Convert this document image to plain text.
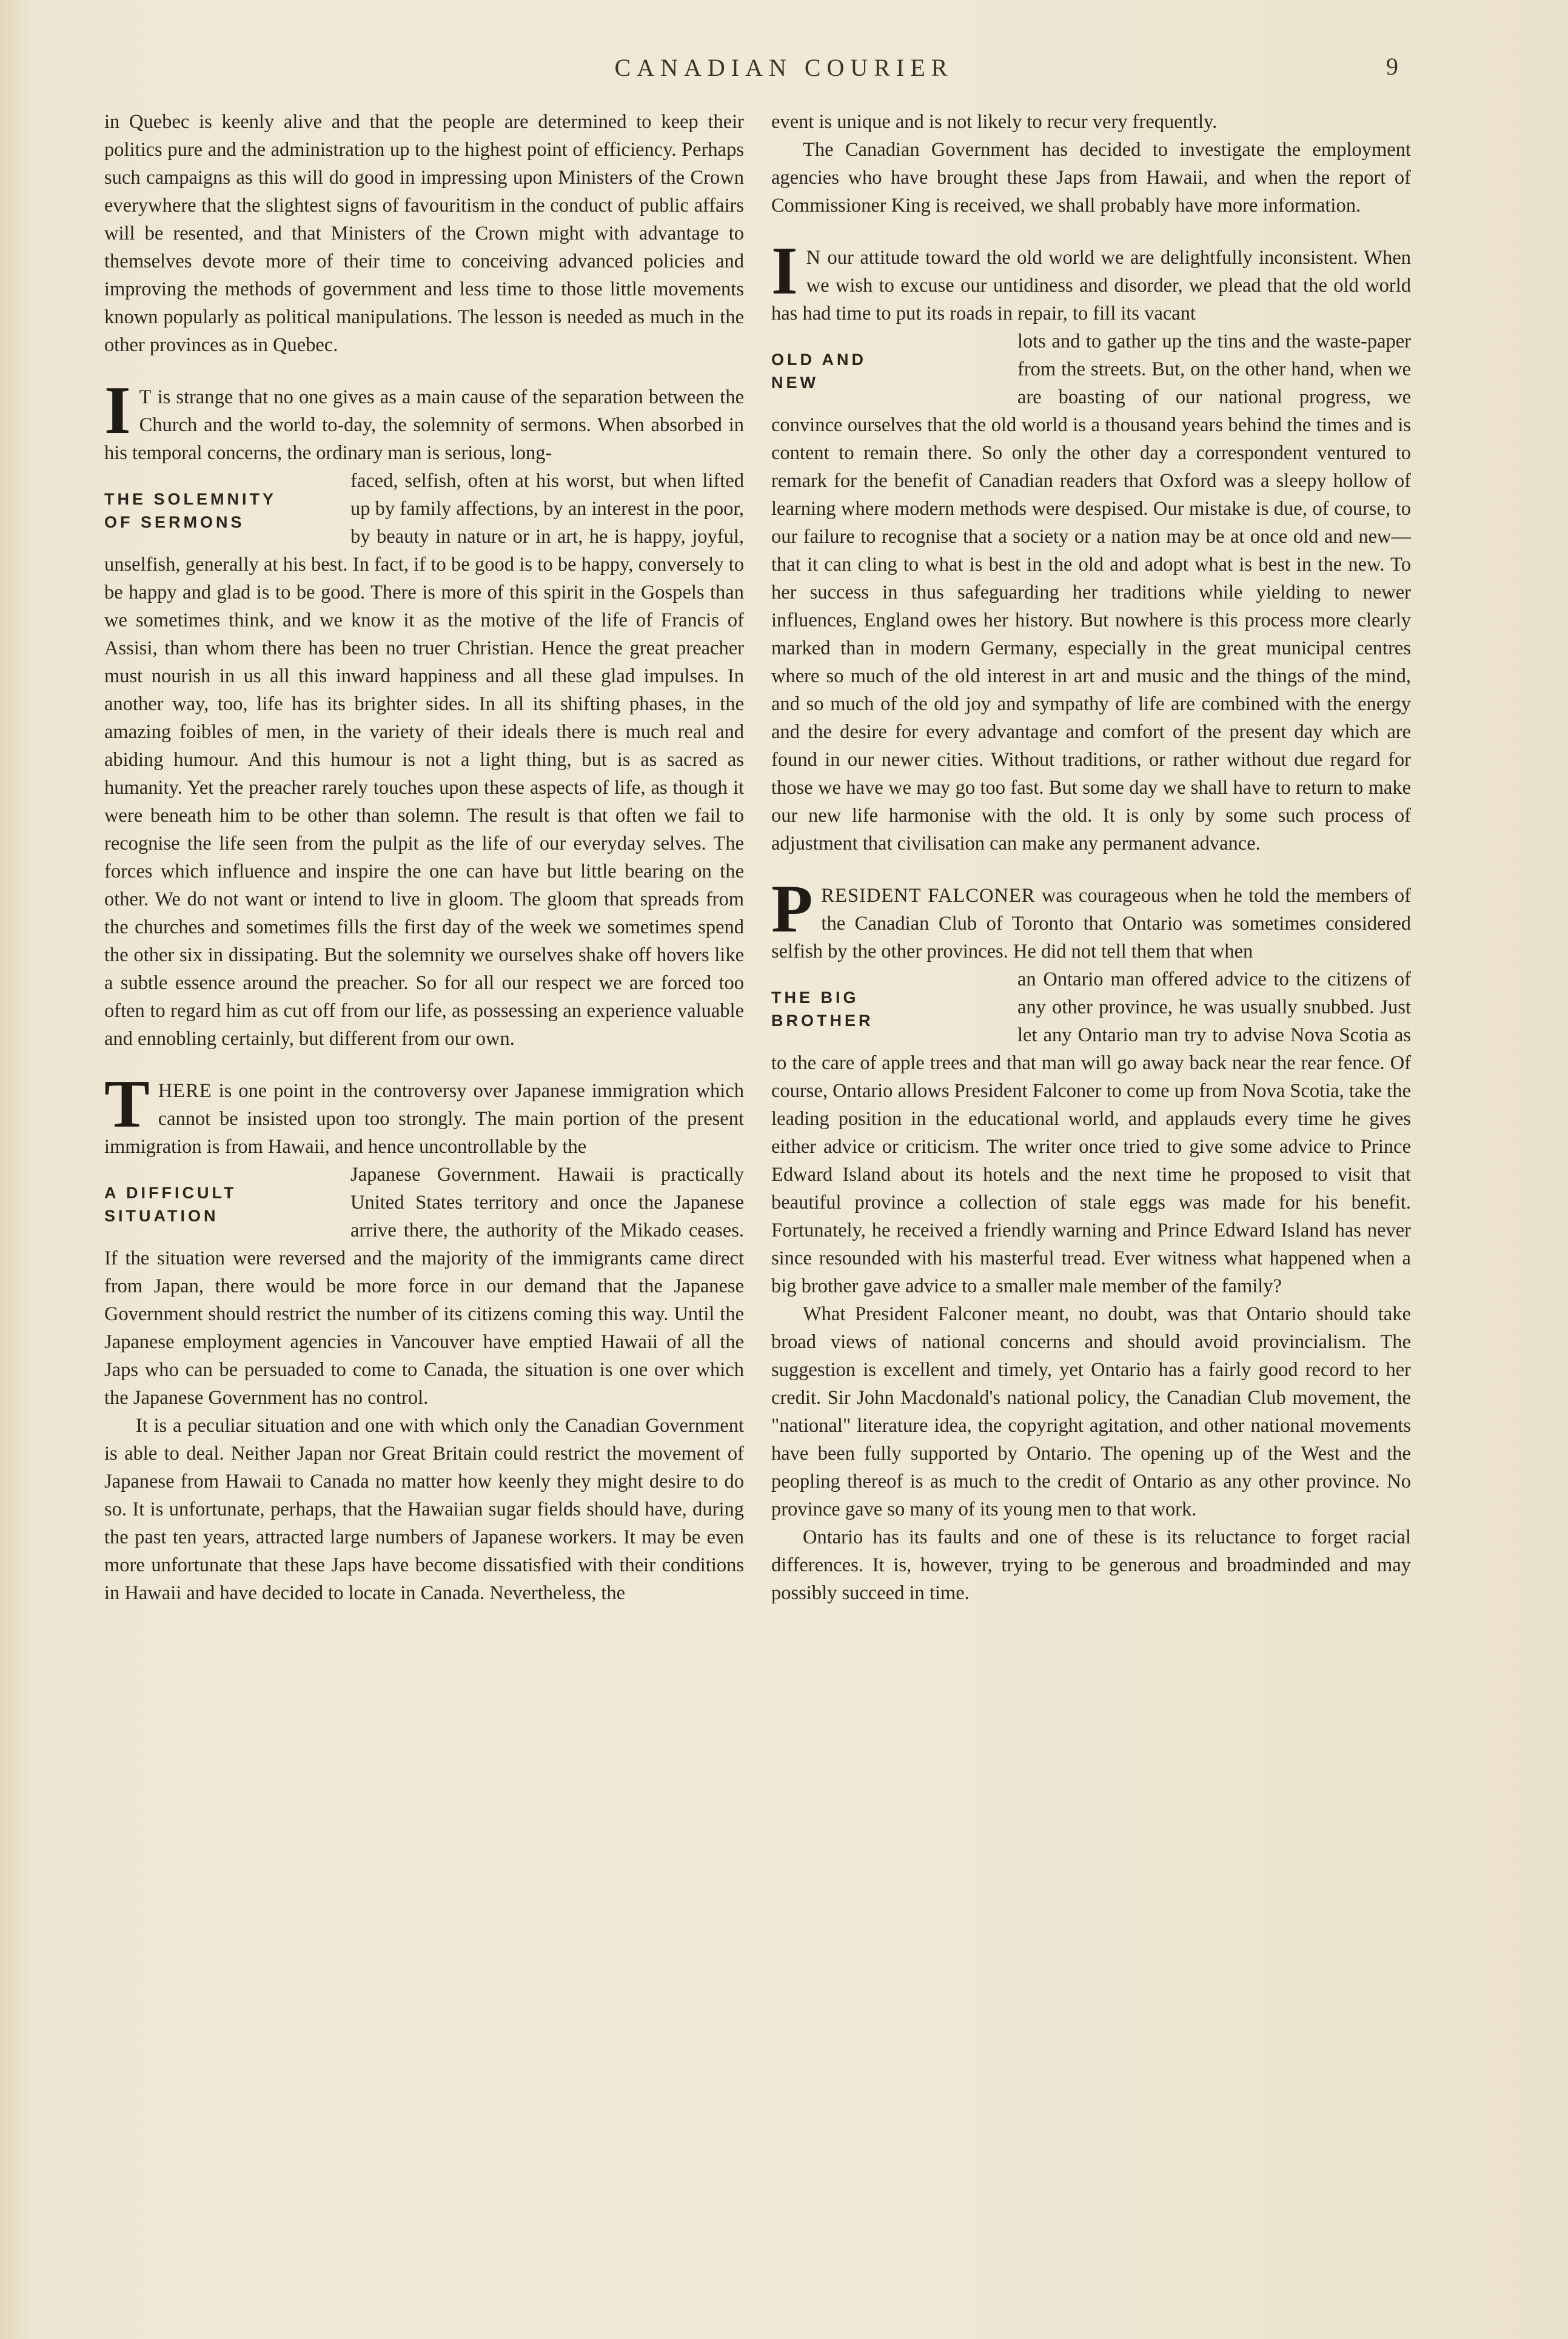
CANADIAN COURIER	9

in Quebec is keenly alive and that the people are determined to keep their politics pure and the administration up to the highest point of efficiency. Perhaps such campaigns as this will do good in impressing upon Ministers of the Crown everywhere that the slightest signs of favouritism in the conduct of public affairs will be resented, and that Ministers of the Crown might with advantage to themselves devote more of their time to conceiving advanced policies and improving the methods of government and less time to those little movements known popularly as political manipulations. The lesson is needed as much in the other provinces as in Quebec.

I T is strange that no one gives as a main cause of the separation between the Church and the world to-day, the solemnity of sermons. When absorbed in his temporal concerns, the ordinary man is serious, long-

THE SOLEMNITY
OF SERMONS

faced, selfish, often at his worst, but when lifted up by family affections, by an interest in the poor, by beauty in nature or in art, he is happy, joyful, unselfish, generally at his best. In fact, if to be good is to be happy, conversely to be happy and glad is to be good. There is more of this spirit in the Gospels than we sometimes think, and we know it as the motive of the life of Francis of Assisi, than whom there has been no truer Christian. Hence the great preacher must nourish in us all this inward happiness and all these glad impulses. In another way, too, life has its brighter sides. In all its shifting phases, in the amazing foibles of men, in the variety of their ideals there is much real and abiding humour. And this humour is not a light thing, but is as sacred as humanity. Yet the preacher rarely touches upon these aspects of life, as though it were beneath him to be other than solemn. The result is that often we fail to recognise the life seen from the pulpit as the life of our everyday selves. The forces which influence and inspire the one can have but little bearing on the other. We do not want or intend to live in gloom. The gloom that spreads from the churches and sometimes fills the first day of the week we sometimes spend the other six in dissipating. But the solemnity we ourselves shake off hovers like a subtle essence around the preacher. So for all our respect we are forced too often to regard him as cut off from our life, as possessing an experience valuable and ennobling certainly, but different from our own.

THERE is one point in the controversy over Japanese immigration which cannot be insisted upon too strongly. The main portion of the present immigration is from Hawaii, and hence uncontrollable by the

A DIFFICULT
SITUATION

Japanese Government. Hawaii is practically United States territory and once the Japanese arrive there, the authority of the Mikado ceases. If the situation were reversed and the majority of the immigrants came direct from Japan, there would be more force in our demand that the Japanese Government should restrict the number of its citizens coming this way. Until the Japanese employment agencies in Vancouver have emptied Hawaii of all the Japs who can be persuaded to come to Canada, the situation is one over which the Japanese Government has no control.

It is a peculiar situation and one with which only the Canadian Government is able to deal. Neither Japan nor Great Britain could restrict the movement of Japanese from Hawaii to Canada no matter how keenly they might desire to do so. It is unfortunate, perhaps, that the Hawaiian sugar fields should have, during the past ten years, attracted large numbers of Japanese workers. It may be even more unfortunate that these Japs have become dissatisfied with their conditions in Hawaii and have decided to locate in Canada. Nevertheless, the

event is unique and is not likely to recur very frequently.

The Canadian Government has decided to investigate the employment agencies who have brought these Japs from Hawaii, and when the report of Commissioner King is received, we shall probably have more information.

I N our attitude toward the old world we are delightfully inconsistent. When we wish to excuse our untidiness and disorder, we plead that the old world has had time to put its roads in repair, to fill its vacant

OLD AND
NEW

lots and to gather up the tins and the waste-paper from the streets. But, on the other hand, when we are boasting of our national progress, we convince ourselves that the old world is a thousand years behind the times and is content to remain there. So only the other day a correspondent ventured to remark for the benefit of Canadian readers that Oxford was a sleepy hollow of learning where modern methods were despised. Our mistake is due, of course, to our failure to recognise that a society or a nation may be at once old and new—that it can cling to what is best in the old and adopt what is best in the new. To her success in thus safeguarding her traditions while yielding to newer influences, England owes her history. But nowhere is this process more clearly marked than in modern Germany, especially in the great municipal centres where so much of the old interest in art and music and the things of the mind, and so much of the old joy and sympathy of life are combined with the energy and the desire for every advantage and comfort of the present day which are found in our newer cities. Without traditions, or rather without due regard for those we have we may go too fast. But some day we shall have to return to make our new life harmonise with the old. It is only by some such process of adjustment that civilisation can make any permanent advance.

PRESIDENT FALCONER was courageous when he told the members of the Canadian Club of Toronto that Ontario was sometimes considered selfish by the other provinces. He did not tell them that when

THE BIG
BROTHER

an Ontario man offered advice to the citizens of any other province, he was usually snubbed. Just let any Ontario man try to advise Nova Scotia as to the care of apple trees and that man will go away back near the rear fence. Of course, Ontario allows President Falconer to come up from Nova Scotia, take the leading position in the educational world, and applauds every time he gives either advice or criticism. The writer once tried to give some advice to Prince Edward Island about its hotels and the next time he proposed to visit that beautiful province a collection of stale eggs was made for his benefit. Fortunately, he received a friendly warning and Prince Edward Island has never since resounded with his masterful tread. Ever witness what happened when a big brother gave advice to a smaller male member of the family?

What President Falconer meant, no doubt, was that Ontario should take broad views of national concerns and should avoid provincialism. The suggestion is excellent and timely, yet Ontario has a fairly good record to her credit. Sir John Macdonald's national policy, the Canadian Club movement, the "national" literature idea, the copyright agitation, and other national movements have been fully supported by Ontario. The opening up of the West and the peopling thereof is as much to the credit of Ontario as any other province. No province gave so many of its young men to that work.

Ontario has its faults and one of these is its reluctance to forget racial differences. It is, however, trying to be generous and broadminded and may possibly succeed in time.
